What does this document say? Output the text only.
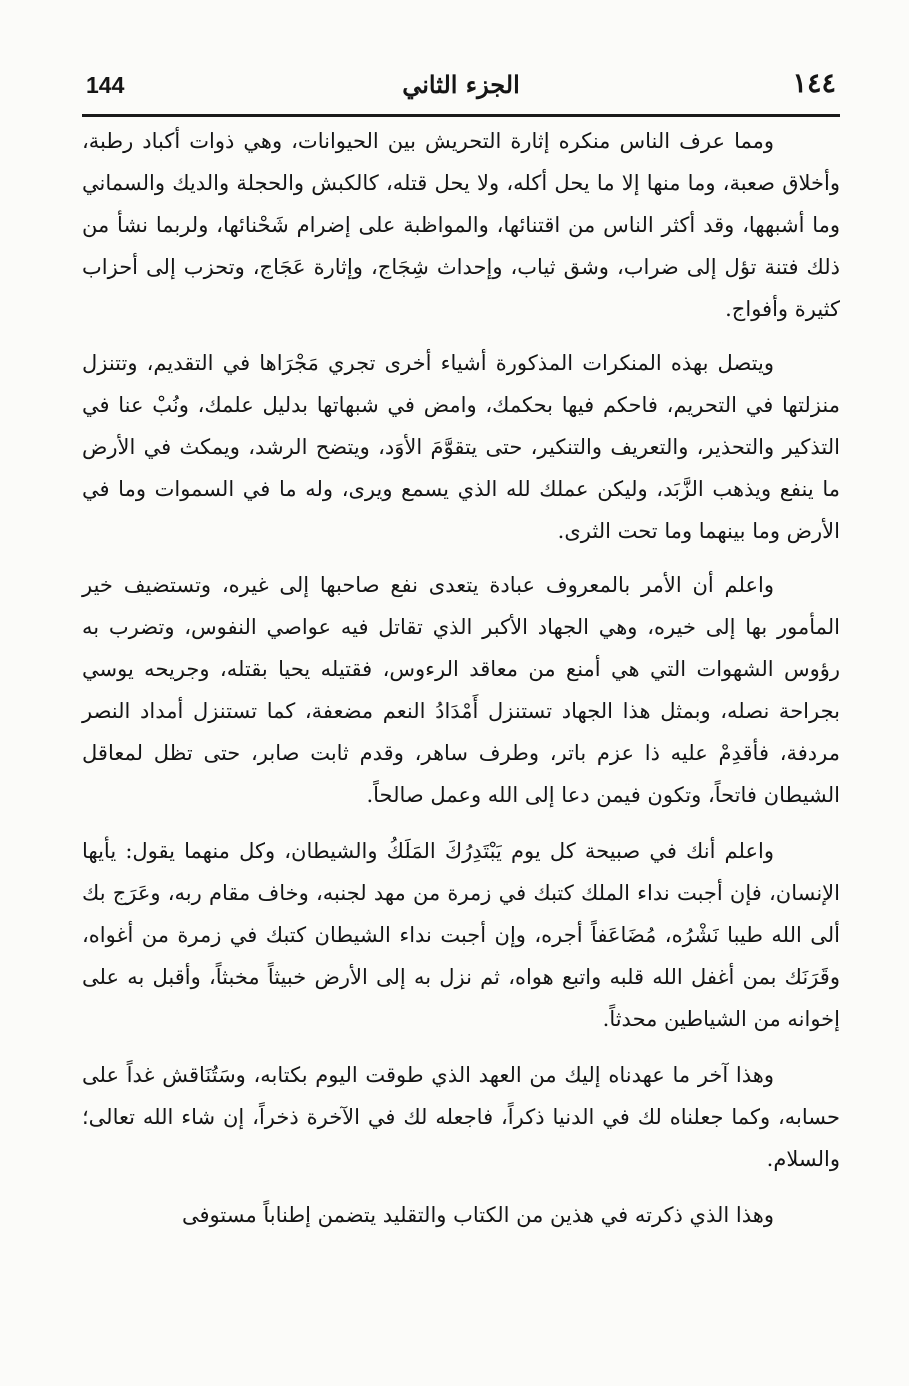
144	الجزء الثاني	١٤٤

ومما عرف الناس منكره إثارة التحريش بين الحيوانات، وهي ذوات أكباد رطبة، وأخلاق صعبة، وما منها إلا ما يحل أكله، ولا يحل قتله، كالكبش والحجلة والديك والسماني وما أشبهها، وقد أكثر الناس من اقتنائها، والمواظبة على إضرام شَحْنائها، ولربما نشأ من ذلك فتنة تؤل إلى ضراب، وشق ثياب، وإحداث شِجَاج، وإثارة عَجَاج، وتحزب إلى أحزاب كثيرة وأفواج.

ويتصل بهذه المنكرات المذكورة أشياء أخرى تجري مَجْرَاها في التقديم، وتتنزل منزلتها في التحريم، فاحكم فيها بحكمك، وامض في شبهاتها بدليل علمك، ونُبْ عنا في التذكير والتحذير، والتعريف والتنكير، حتى يتقوَّمَ الأوَد، ويتضح الرشد، ويمكث في الأرض ما ينفع ويذهب الزَّبَد، وليكن عملك لله الذي يسمع ويرى، وله ما في السموات وما في الأرض وما بينهما وما تحت الثرى.

واعلم أن الأمر بالمعروف عبادة يتعدى نفع صاحبها إلى غيره، وتستضيف خير المأمور بها إلى خيره، وهي الجهاد الأكبر الذي تقاتل فيه عواصي النفوس، وتضرب به رؤوس الشهوات التي هي أمنع من معاقد الرءوس، فقتيله يحيا بقتله، وجريحه يوسي بجراحة نصله، وبمثل هذا الجهاد تستنزل أَمْدَادُ النعم مضعفة، كما تستنزل أمداد النصر مردفة، فأقدِمْ عليه ذا عزم باتر، وطرف ساهر، وقدم ثابت صابر، حتى تظل لمعاقل الشيطان فاتحاً، وتكون فيمن دعا إلى الله وعمل صالحاً.

واعلم أنك في صبيحة كل يوم يَبْتَدِرُكَ المَلَكُ والشيطان، وكل منهما يقول: يأيها الإنسان، فإن أجبت نداء الملك كتبك في زمرة من مهد لجنبه، وخاف مقام ربه، وعَرَج بك ألى الله طيبا نَشْرُه، مُضَاعَفاً أجره، وإن أجبت نداء الشيطان كتبك في زمرة من أغواه، وقَرَنَك بمن أغفل الله قلبه واتبع هواه، ثم نزل به إلى الأرض خبيثاً مخبثاً، وأقبل به على إخوانه من الشياطين محدثاً.

وهذا آخر ما عهدناه إليك من العهد الذي طوقت اليوم بكتابه، وسَتُنَاقش غداً على حسابه، وكما جعلناه لك في الدنيا ذكراً، فاجعله لك في الآخرة ذخراً، إن شاء الله تعالى؛ والسلام.

وهذا الذي ذكرته في هذين من الكتاب والتقليد يتضمن إطناباً مستوفى
